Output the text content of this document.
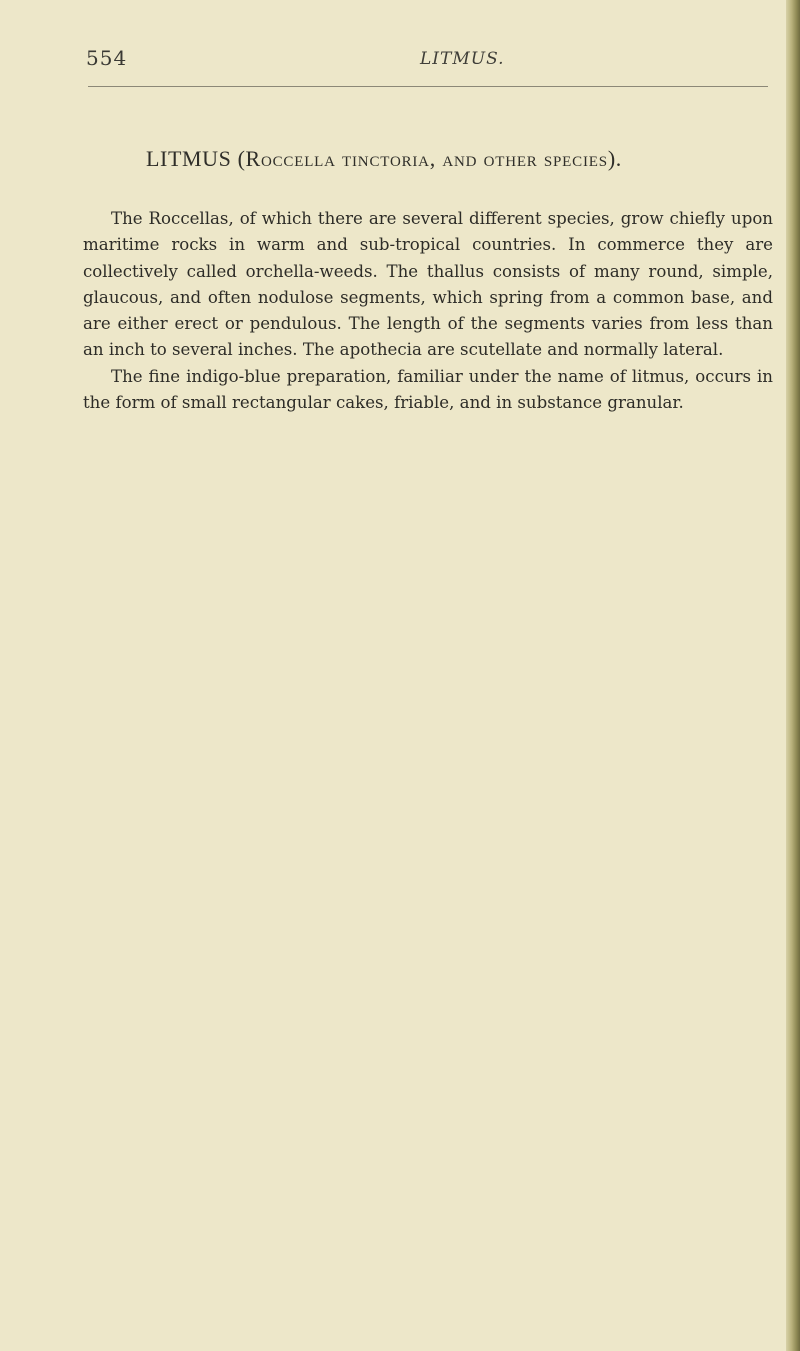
554	LITMUS.
LITMUS (Roccella tinctoria, and other species).

The Roccellas, of which there are several different species, grow chiefly upon maritime rocks in warm and sub-tropical countries. In commerce they are collectively called orchella-weeds. The thallus consists of many round, simple, glaucous, and often nodulose segments, which spring from a common base, and are either erect or pendulous. The length of the segments varies from less than an inch to several inches. The apothecia are scutellate and normally lateral.

The fine indigo-blue preparation, familiar under the name of litmus, occurs in the form of small rectangular cakes, friable, and in substance granular.
